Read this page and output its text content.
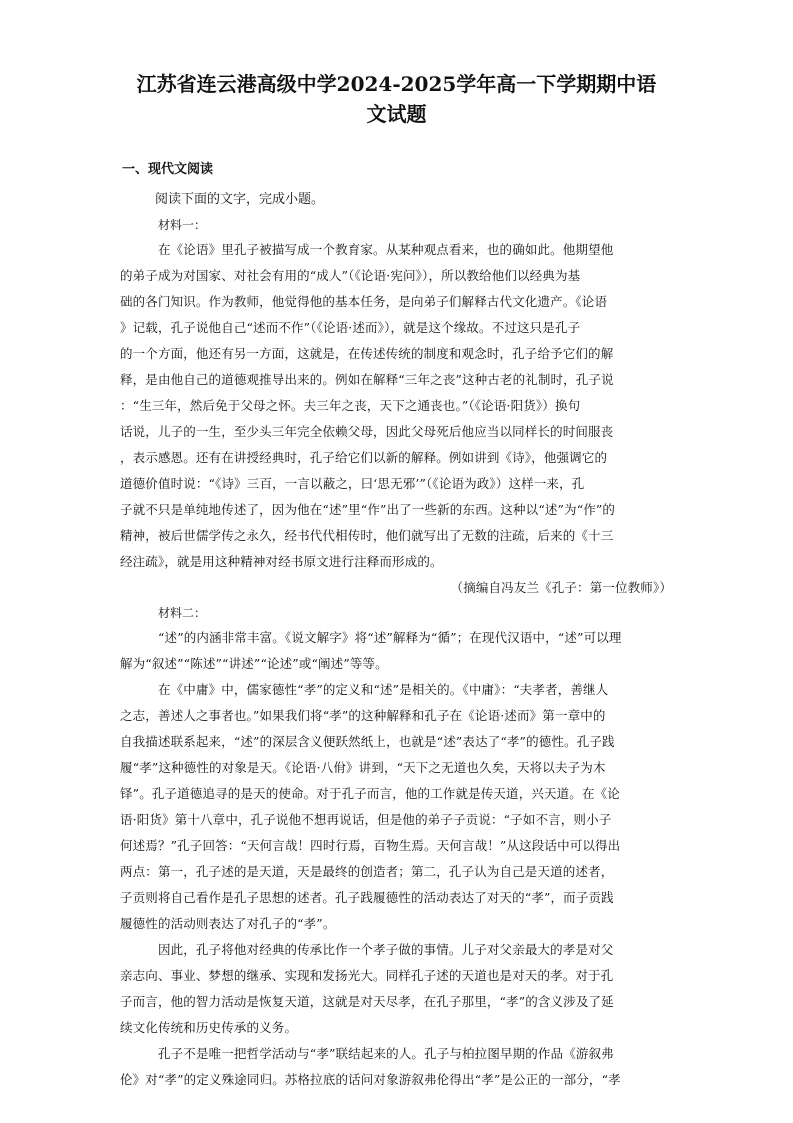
江苏省连云港高级中学2024-2025学年高一下学期期中语
文试题
一、现代文阅读
阅读下面的文字，完成小题。
材料一：
在《论语》里孔子被描写成一个教育家。从某种观点看来，也的确如此。他期望他
的弟子成为对国家、对社会有用的“成人”（《论语·宪问》），所以教给他们以经典为基
础的各门知识。作为教师，他觉得他的基本任务，是向弟子们解释古代文化遗产。《论语
》记载，孔子说他自己“述而不作”（《论语·述而》），就是这个缘故。不过这只是孔子
的一个方面，他还有另一方面，这就是，在传述传统的制度和观念时，孔子给予它们的解
释，是由他自己的道德观推导出来的。例如在解释“三年之丧”这种古老的礼制时，孔子说
：“生三年，然后免于父母之怀。夫三年之丧，天下之通丧也。”（《论语·阳货》）换句
话说，儿子的一生，至少头三年完全依赖父母，因此父母死后他应当以同样长的时间服丧
，表示感恩。还有在讲授经典时，孔子给它们以新的解释。例如讲到《诗》，他强调它的
道德价值时说：“《诗》三百，一言以蔽之，曰‘思无邪’”（《论语为政》）这样一来，孔
子就不只是单纯地传述了，因为他在“述”里“作”出了一些新的东西。这种以“述”为“作”的
精神，被后世儒学传之永久，经书代代相传时，他们就写出了无数的注疏，后来的《十三
经注疏》，就是用这种精神对经书原文进行注释而形成的。
（摘编自冯友兰《孔子：第一位教师》）
材料二：
“述”的内涵非常丰富。《说文解字》将“述”解释为“循”；在现代汉语中，“述”可以理
解为“叙述”“陈述”“讲述”“论述”或“阐述”等等。
在《中庸》中，儒家德性“孝”的定义和“述”是相关的。《中庸》：“夫孝者，善继人
之志，善述人之事者也。”如果我们将“孝”的这种解释和孔子在《论语·述而》第一章中的
自我描述联系起来，“述”的深层含义便跃然纸上，也就是“述”表达了“孝”的德性。孔子践
履“孝”这种德性的对象是天。《论语·八佾》讲到，“天下之无道也久矣，天将以夫子为木
铎”。孔子道德追寻的是天的使命。对于孔子而言，他的工作就是传天道，兴天道。在《论
语·阳货》第十八章中，孔子说他不想再说话，但是他的弟子子贡说：“子如不言，则小子
何述焉？”孔子回答：“天何言哉！四时行焉，百物生焉。天何言哉！”从这段话中可以得出
两点：第一，孔子述的是天道，天是最终的创造者；第二，孔子认为自己是天道的述者，
子贡则将自己看作是孔子思想的述者。孔子践履德性的活动表达了对天的“孝”，而子贡践
履德性的活动则表达了对孔子的“孝”。
因此，孔子将他对经典的传承比作一个孝子做的事情。儿子对父亲最大的孝是对父
亲志向、事业、梦想的继承、实现和发扬光大。同样孔子述的天道也是对天的孝。对于孔
子而言，他的智力活动是恢复天道，这就是对天尽孝，在孔子那里，“孝”的含义涉及了延
续文化传统和历史传承的义务。
孔子不是唯一把哲学活动与“孝”联结起来的人。孔子与柏拉图早期的作品《游叙弗
伦》对“孝”的定义殊途同归。苏格拉底的话问对象游叙弗伦得出“孝”是公正的一部分，“孝
